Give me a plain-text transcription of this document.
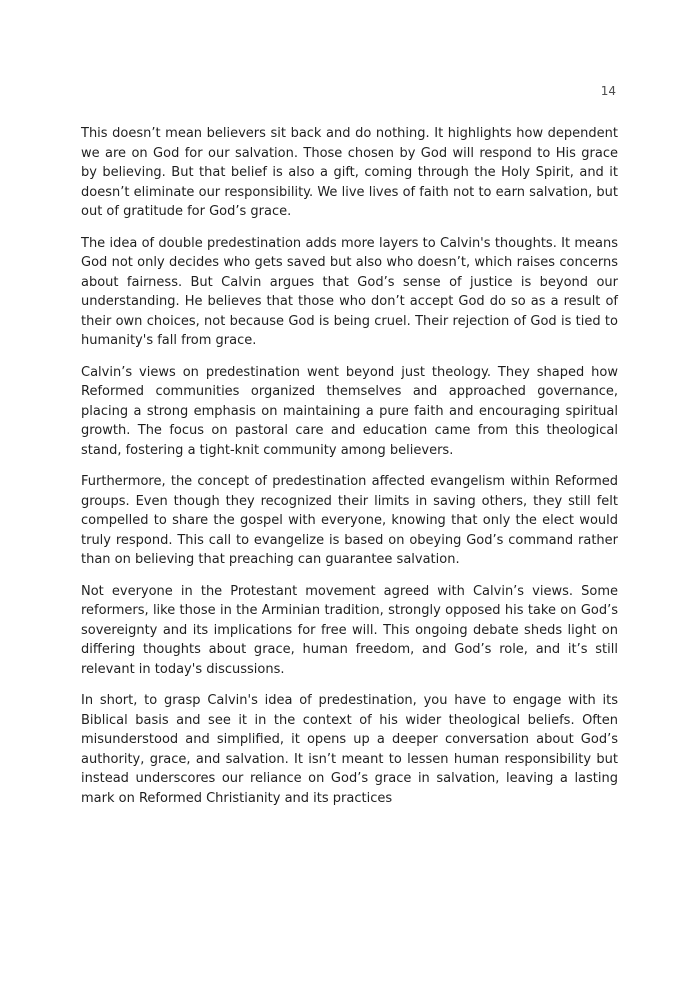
14

This doesn’t mean believers sit back and do nothing. It highlights how dependent we are on God for our salvation. Those chosen by God will respond to His grace by believing. But that belief is also a gift, coming through the Holy Spirit, and it doesn’t eliminate our responsibility. We live lives of faith not to earn salvation, but out of gratitude for God’s grace.

The idea of double predestination adds more layers to Calvin's thoughts. It means God not only decides who gets saved but also who doesn’t, which raises concerns about fairness. But Calvin argues that God’s sense of justice is beyond our understanding. He believes that those who don’t accept God do so as a result of their own choices, not because God is being cruel. Their rejection of God is tied to humanity's fall from grace.

Calvin’s views on predestination went beyond just theology. They shaped how Reformed communities organized themselves and approached governance, placing a strong emphasis on maintaining a pure faith and encouraging spiritual growth. The focus on pastoral care and education came from this theological stand, fostering a tight-knit community among believers.

Furthermore, the concept of predestination affected evangelism within Reformed groups. Even though they recognized their limits in saving others, they still felt compelled to share the gospel with everyone, knowing that only the elect would truly respond. This call to evangelize is based on obeying God’s command rather than on believing that preaching can guarantee salvation.

Not everyone in the Protestant movement agreed with Calvin’s views. Some reformers, like those in the Arminian tradition, strongly opposed his take on God’s sovereignty and its implications for free will. This ongoing debate sheds light on differing thoughts about grace, human freedom, and God’s role, and it’s still relevant in today's discussions.

In short, to grasp Calvin's idea of predestination, you have to engage with its Biblical basis and see it in the context of his wider theological beliefs. Often misunderstood and simplified, it opens up a deeper conversation about God’s authority, grace, and salvation. It isn’t meant to lessen human responsibility but instead underscores our reliance on God’s grace in salvation, leaving a lasting mark on Reformed Christianity and its practices
